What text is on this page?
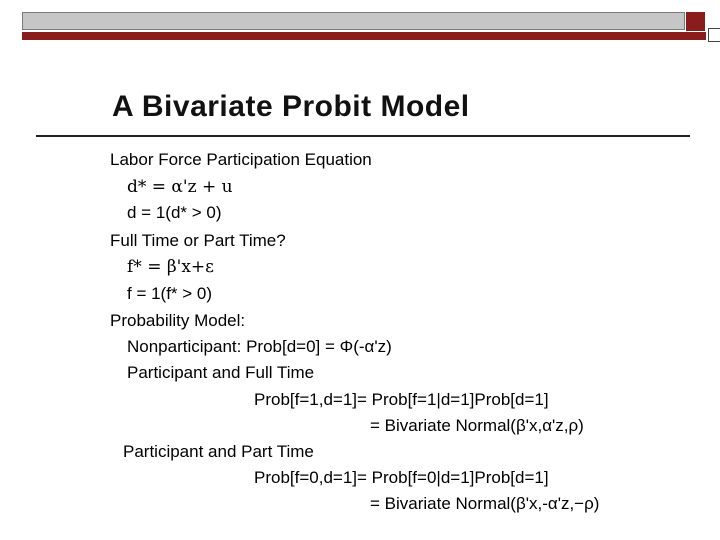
A Bivariate Probit Model
Labor Force Participation Equation
d* = α'z + u
d = 1(d* > 0)
Full Time or Part Time?
f* = β'x+ε
f = 1(f* > 0)
Probability Model:
Nonparticipant: Prob[d=0] = Φ(-α'z)
Participant and Full Time
Prob[f=1,d=1]= Prob[f=1|d=1]Prob[d=1]
= Bivariate Normal(β'x,α'z,ρ)
Participant and Part Time
Prob[f=0,d=1]= Prob[f=0|d=1]Prob[d=1]
= Bivariate Normal(β'x,-α'z,−ρ)
